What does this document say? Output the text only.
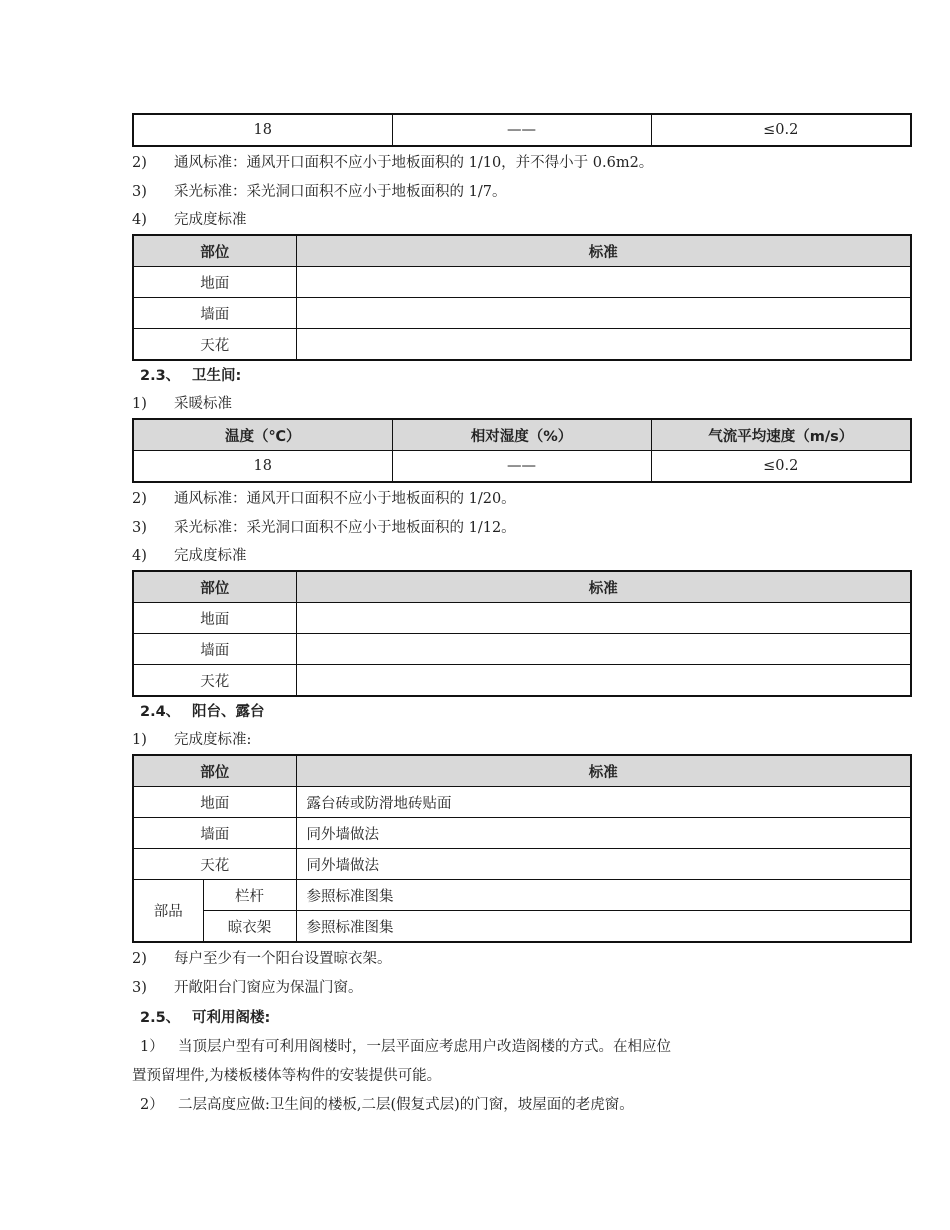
18	——	≤0.2
2) 通风标准：通风开口面积不应小于地板面积的 1/10，并不得小于 0.6m2。
3) 采光标准：采光洞口面积不应小于地板面积的 1/7。
4) 完成度标准
部位	标准
地面	
墙面	
天花	
2.3、 卫生间:
1) 采暖标准
温度（℃）	相对湿度（%）	气流平均速度（m/s）
18	——	≤0.2
2) 通风标准：通风开口面积不应小于地板面积的 1/20。
3) 采光标准：采光洞口面积不应小于地板面积的 1/12。
4) 完成度标准
部位	标准
地面	
墙面	
天花	
2.4、 阳台、露台
1) 完成度标准:
部位		标准
地面		露台砖或防滑地砖贴面
墙面		同外墙做法
天花		同外墙做法
部品	栏杆	参照标准图集
	晾衣架	参照标准图集
2) 每户至少有一个阳台设置晾衣架。
3) 开敞阳台门窗应为保温门窗。
2.5、 可利用阁楼:
1） 当顶层户型有可利用阁楼时，一层平面应考虑用户改造阁楼的方式。在相应位
置预留埋件,为楼板楼体等构件的安装提供可能。
2） 二层高度应做:卫生间的楼板,二层(假复式层)的门窗，坡屋面的老虎窗。
